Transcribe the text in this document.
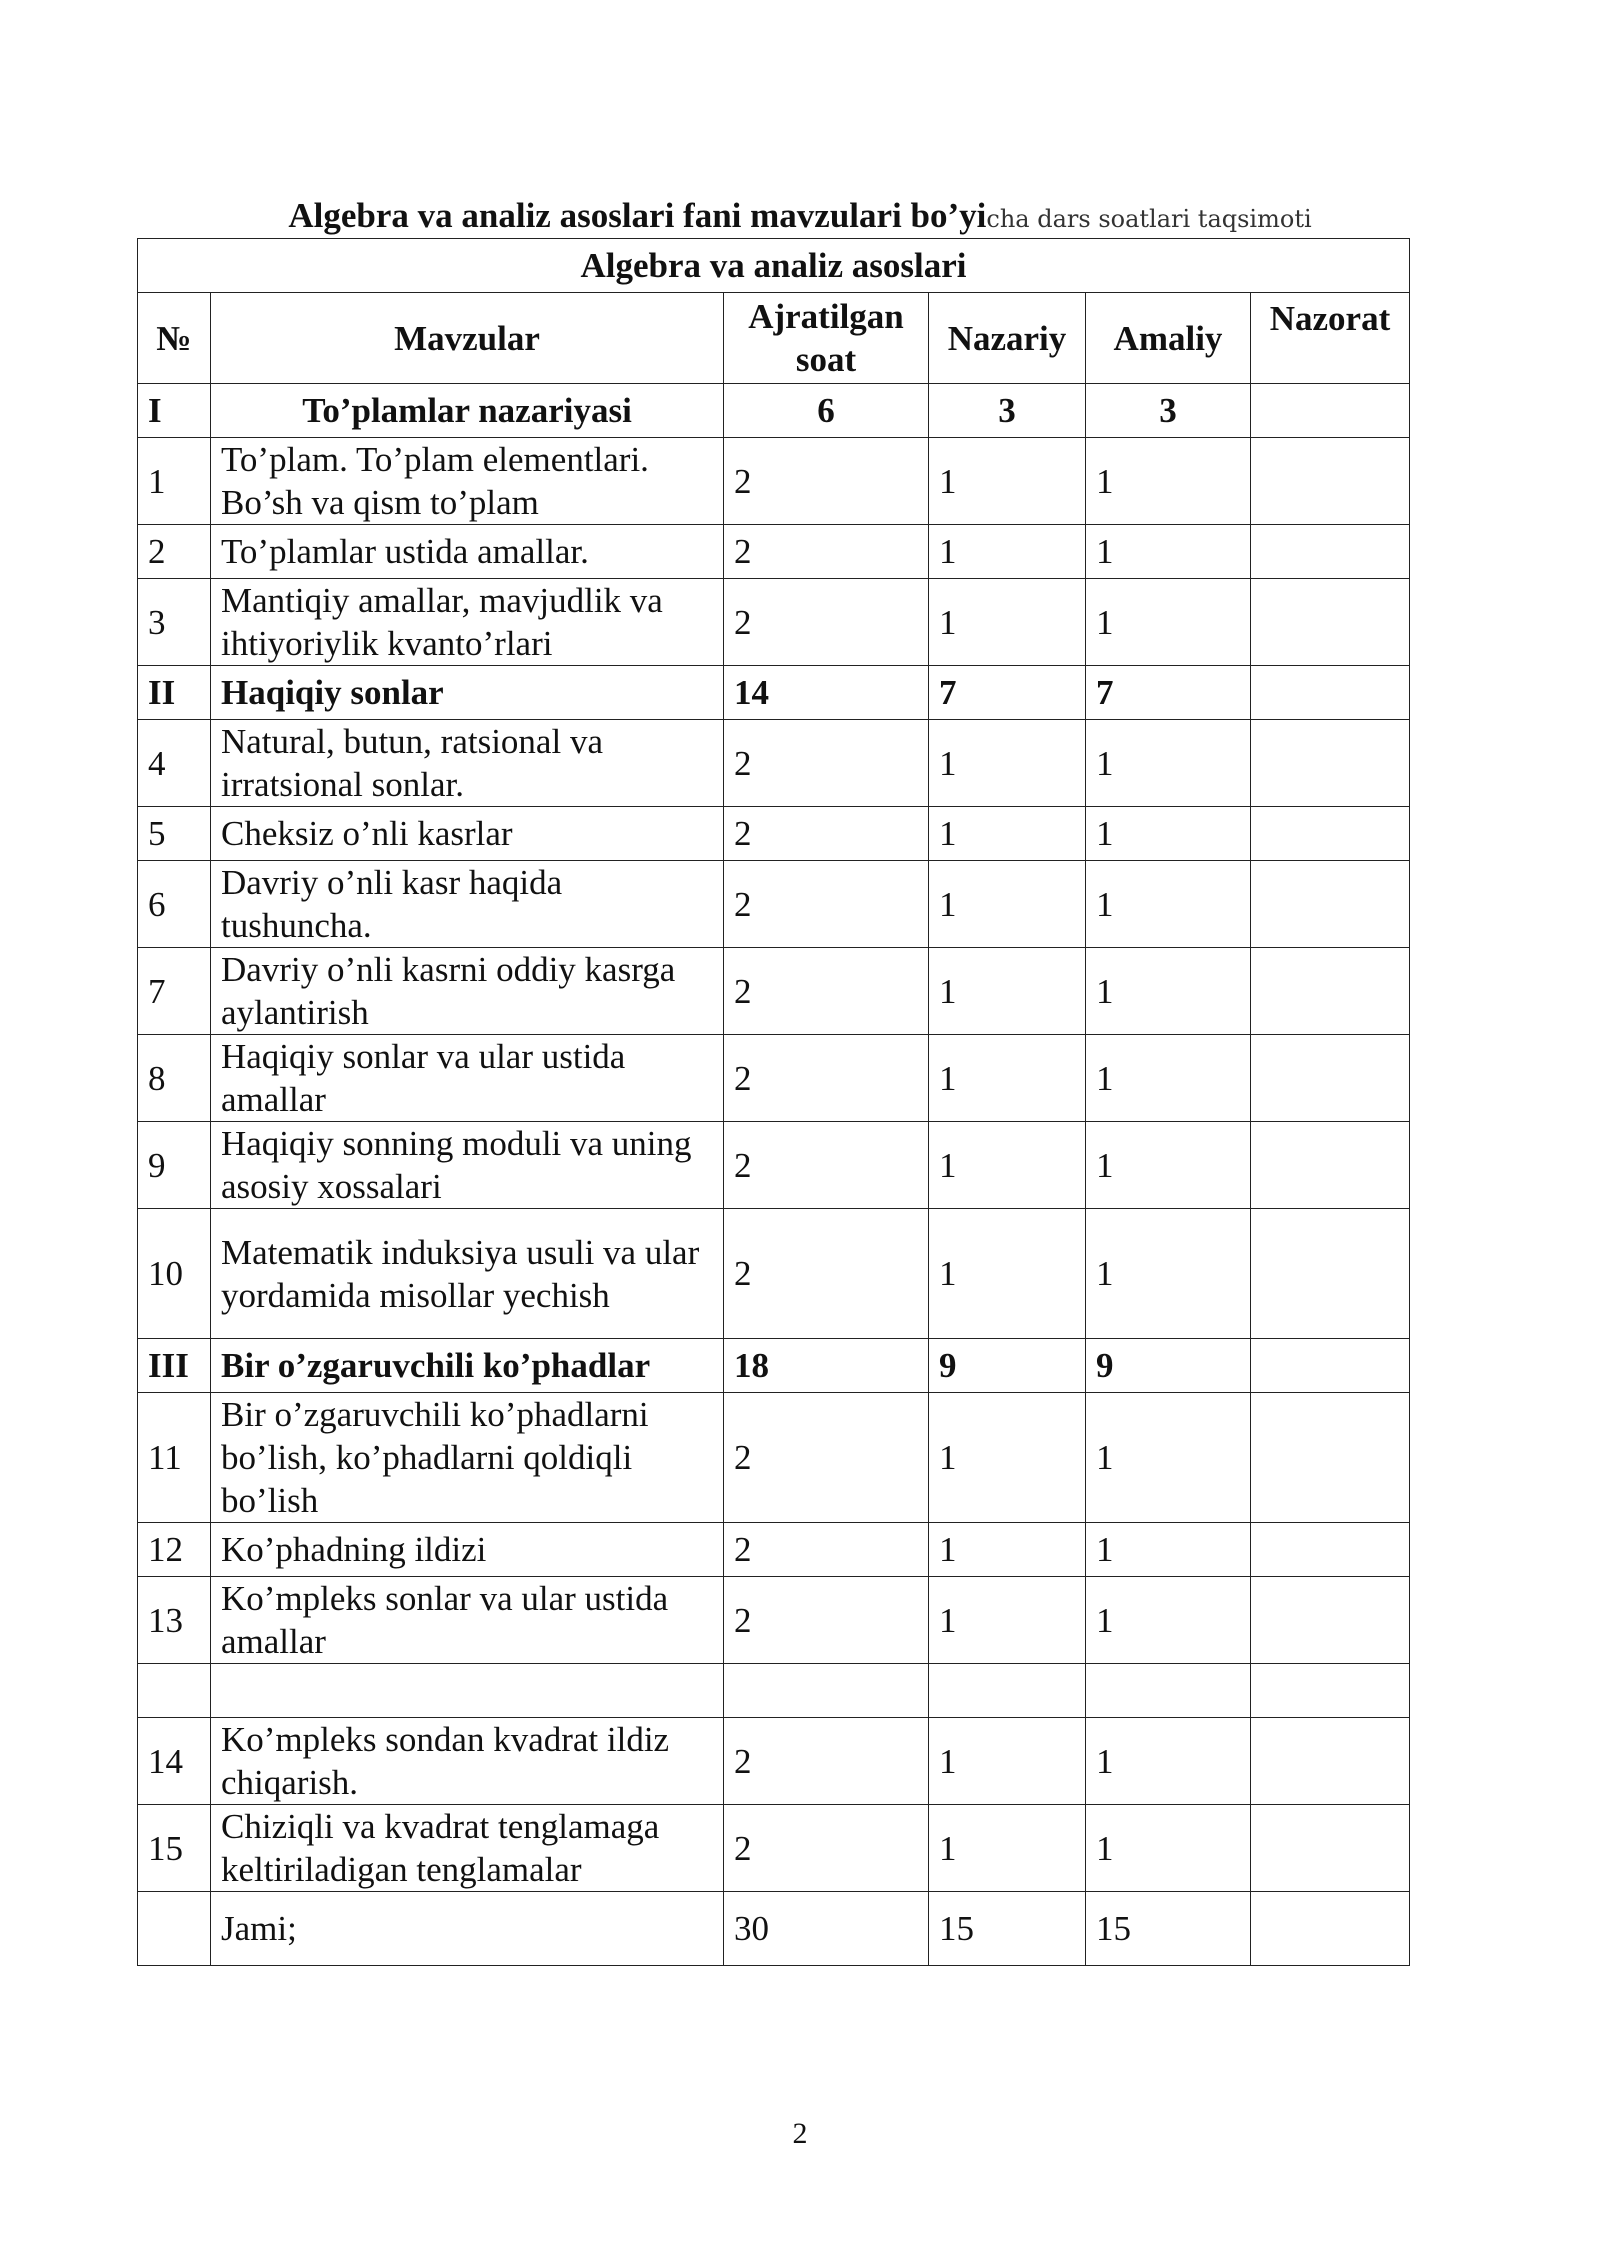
Algebra va analiz asoslari fani mavzulari bo’yicha dars soatlari taqsimoti
Algebra va analiz asoslari					
№	Mavzular	Ajratilgan soat	Nazariy	Amaliy	Nazorat
I	To’plamlar nazariyasi	6	3	3	
1	To’plam. To’plam elementlari. Bo’sh va qism to’plam	2	1	1	
2	To’plamlar ustida amallar.	2	1	1	
3	Mantiqiy amallar, mavjudlik va ihtiyoriylik kvanto’rlari	2	1	1	
II	Haqiqiy sonlar	14	7	7	
4	Natural, butun, ratsional va irratsional sonlar.	2	1	1	
5	Cheksiz o’nli kasrlar	2	1	1	
6	Davriy o’nli kasr haqida tushuncha.	2	1	1	
7	Davriy o’nli kasrni oddiy kasrga aylantirish	2	1	1	
8	Haqiqiy sonlar va ular ustida amallar	2	1	1	
9	Haqiqiy sonning moduli va uning asosiy xossalari	2	1	1	
10	Matematik induksiya usuli va ular yordamida misollar yechish	2	1	1	
III	Bir o’zgaruvchili ko’phadlar	18	9	9	
11	Bir o’zgaruvchili ko’phadlarni bo’lish, ko’phadlarni qoldiqli bo’lish	2	1	1	
12	Ko’phadning ildizi	2	1	1	
13	Ko’mpleks sonlar va ular ustida amallar	2	1	1	

14	Ko’mpleks sondan kvadrat ildiz chiqarish.	2	1	1	
15	Chiziqli va kvadrat tenglamaga keltiriladigan tenglamalar	2	1	1	
	Jami;	30	15	15	
2
